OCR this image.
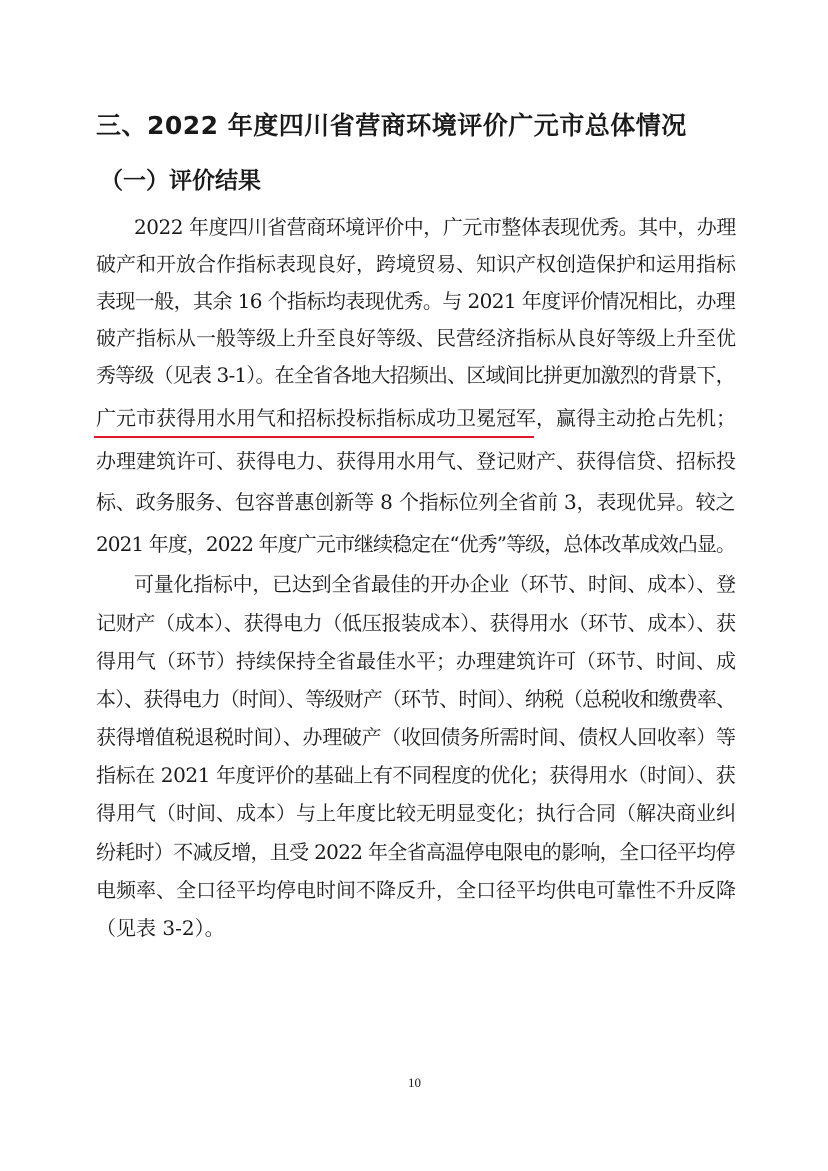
三、2022 年度四川省营商环境评价广元市总体情况
（一）评价结果
2022 年度四川省营商环境评价中，广元市整体表现优秀。其中，办理
破产和开放合作指标表现良好，跨境贸易、知识产权创造保护和运用指标
表现一般，其余 16 个指标均表现优秀。与 2021 年度评价情况相比，办理
破产指标从一般等级上升至良好等级、民营经济指标从良好等级上升至优
秀等级（见表 3-1）。在全省各地大招频出、区域间比拼更加激烈的背景下，
广元市获得用水用气和招标投标指标成功卫冕冠军，赢得主动抢占先机；
办理建筑许可、获得电力、获得用水用气、登记财产、获得信贷、招标投
标、政务服务、包容普惠创新等 8 个指标位列全省前 3，表现优异。较之
2021 年度，2022 年度广元市继续稳定在“优秀”等级，总体改革成效凸显。
可量化指标中，已达到全省最佳的开办企业（环节、时间、成本）、登
记财产（成本）、获得电力（低压报装成本）、获得用水（环节、成本）、获
得用气（环节）持续保持全省最佳水平；办理建筑许可（环节、时间、成
本）、获得电力（时间）、等级财产（环节、时间）、纳税（总税收和缴费率、
获得增值税退税时间）、办理破产（收回债务所需时间、债权人回收率）等
指标在 2021 年度评价的基础上有不同程度的优化；获得用水（时间）、获
得用气（时间、成本）与上年度比较无明显变化；执行合同（解决商业纠
纷耗时）不减反增，且受 2022 年全省高温停电限电的影响，全口径平均停
电频率、全口径平均停电时间不降反升，全口径平均供电可靠性不升反降
（见表 3-2）。
10
